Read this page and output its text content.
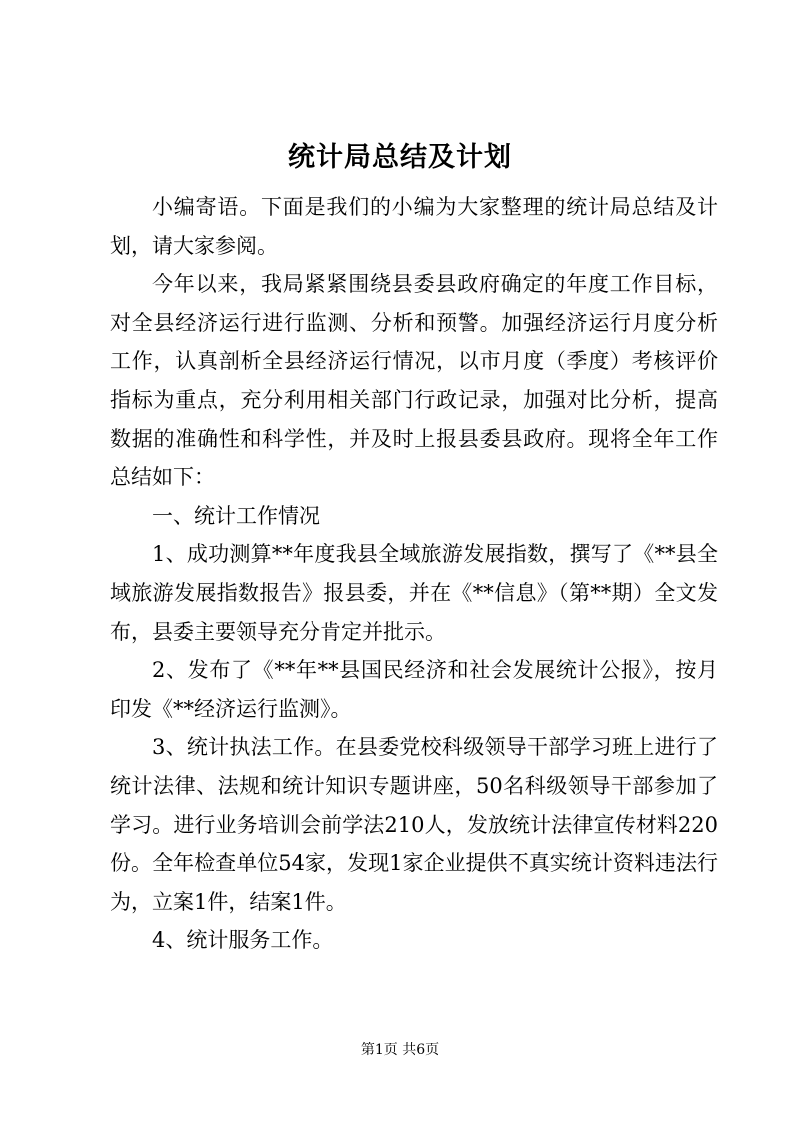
统计局总结及计划

小编寄语。下面是我们的小编为大家整理的统计局总结及计划，请大家参阅。

今年以来，我局紧紧围绕县委县政府确定的年度工作目标，对全县经济运行进行监测、分析和预警。加强经济运行月度分析工作，认真剖析全县经济运行情况，以市月度（季度）考核评价指标为重点，充分利用相关部门行政记录，加强对比分析，提高数据的准确性和科学性，并及时上报县委县政府。现将全年工作总结如下：

一、统计工作情况

1、成功测算**年度我县全域旅游发展指数，撰写了《**县全域旅游发展指数报告》报县委，并在《**信息》（第**期）全文发布，县委主要领导充分肯定并批示。

2、发布了《**年**县国民经济和社会发展统计公报》，按月印发《**经济运行监测》。

3、统计执法工作。在县委党校科级领导干部学习班上进行了统计法律、法规和统计知识专题讲座，50名科级领导干部参加了学习。进行业务培训会前学法210人，发放统计法律宣传材料220份。全年检查单位54家，发现1家企业提供不真实统计资料违法行为，立案1件，结案1件。

4、统计服务工作。

第1页 共6页
